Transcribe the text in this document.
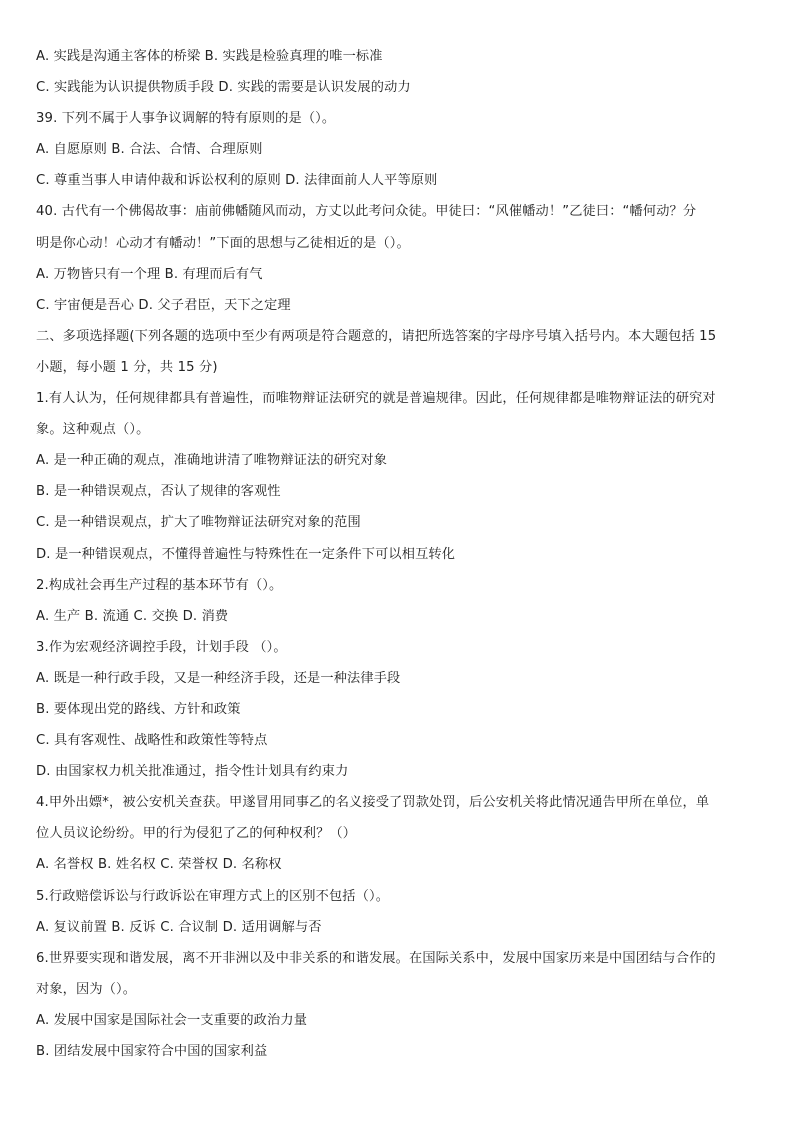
A. 实践是沟通主客体的桥梁 B. 实践是检验真理的唯一标准
C. 实践能为认识提供物质手段 D. 实践的需要是认识发展的动力
39. 下列不属于人事争议调解的特有原则的是（）。
A. 自愿原则 B. 合法、合情、合理原则
C. 尊重当事人申请仲裁和诉讼权利的原则 D. 法律面前人人平等原则
40. 古代有一个佛偈故事：庙前佛幡随风而动，方丈以此考问众徒。甲徒曰：“风催幡动！”乙徒曰：“幡何动？分
明是你心动！心动才有幡动！”下面的思想与乙徒相近的是（）。
A. 万物皆只有一个理 B. 有理而后有气
C. 宇宙便是吾心 D. 父子君臣，天下之定理
二、多项选择题(下列各题的选项中至少有两项是符合题意的，请把所选答案的字母序号填入括号内。本大题包括 15
小题，每小题 1 分，共 15 分)
1.有人认为，任何规律都具有普遍性，而唯物辩证法研究的就是普遍规律。因此，任何规律都是唯物辩证法的研究对
象。这种观点（）。
A. 是一种正确的观点，准确地讲清了唯物辩证法的研究对象
B. 是一种错误观点，否认了规律的客观性
C. 是一种错误观点，扩大了唯物辩证法研究对象的范围
D. 是一种错误观点，不懂得普遍性与特殊性在一定条件下可以相互转化
2.构成社会再生产过程的基本环节有（）。
A. 生产 B. 流通 C. 交换 D. 消费
3.作为宏观经济调控手段，计划手段 （）。
A. 既是一种行政手段，又是一种经济手段，还是一种法律手段
B. 要体现出党的路线、方针和政策
C. 具有客观性、战略性和政策性等特点
D. 由国家权力机关批准通过，指令性计划具有约束力
4.甲外出嫖*，被公安机关查获。甲遂冒用同事乙的名义接受了罚款处罚，后公安机关将此情况通告甲所在单位，单
位人员议论纷纷。甲的行为侵犯了乙的何种权利？（）
A. 名誉权 B. 姓名权 C. 荣誉权 D. 名称权
5.行政赔偿诉讼与行政诉讼在审理方式上的区别不包括（）。
A. 复议前置 B. 反诉 C. 合议制 D. 适用调解与否
6.世界要实现和谐发展，离不开非洲以及中非关系的和谐发展。在国际关系中，发展中国家历来是中国团结与合作的
对象，因为（）。
A. 发展中国家是国际社会一支重要的政治力量
B. 团结发展中国家符合中国的国家利益
